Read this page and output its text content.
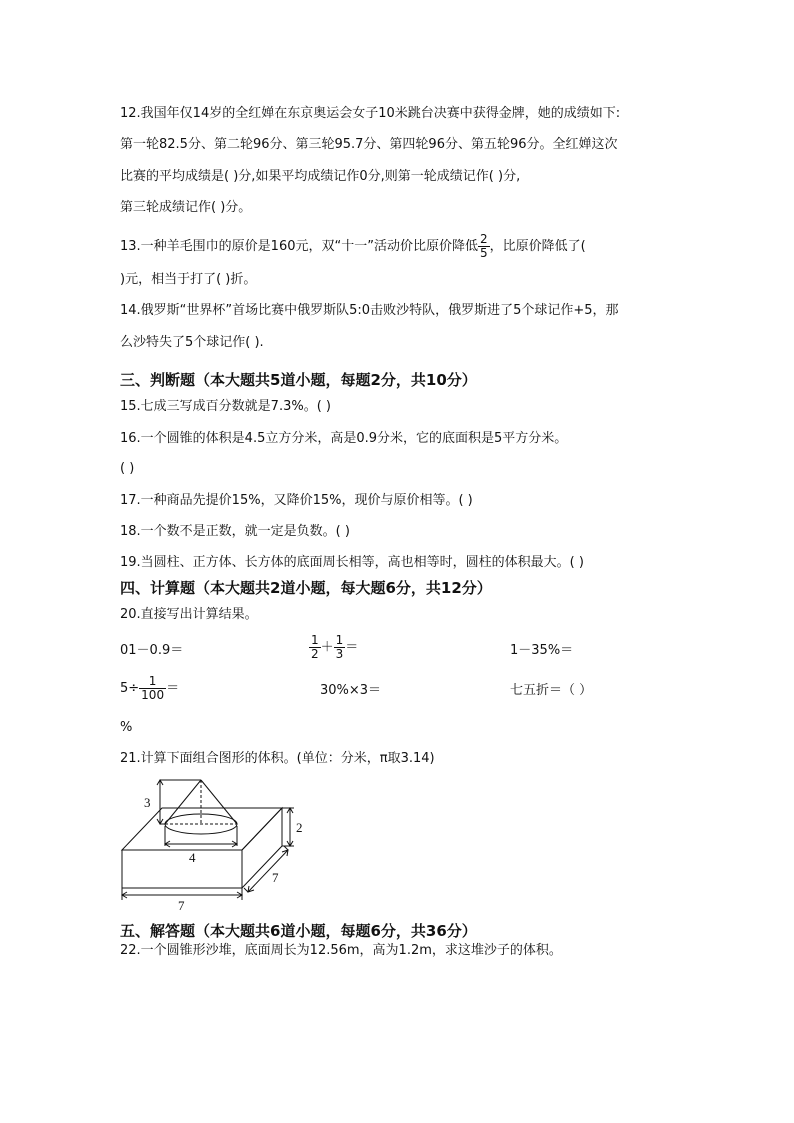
12.我国年仅14岁的全红婵在东京奥运会女子10米跳台决赛中获得金牌，她的成绩如下:
第一轮82.5分、第二轮96分、第三轮95.7分、第四轮96分、第五轮96分。全红婵这次
比赛的平均成绩是( )分,如果平均成绩记作0分,则第一轮成绩记作( )分,
第三轮成绩记作( )分。
13.一种羊毛围巾的原价是160元，双“十一”活动价比原价降低 $\frac{2}{5}$ ，比原价降低了(
)元，相当于打了( )折。
14.俄罗斯“世界杯”首场比赛中俄罗斯队5:0击败沙特队，俄罗斯进了5个球记作+5，那
么沙特失了5个球记作( ).
三、判断题（本大题共5道小题，每题2分，共10分）
15.七成三写成百分数就是7.3%。( )
16.一个圆锥的体积是4.5立方分米，高是0.9分米，它的底面积是5平方分米。
( )
17.一种商品先提价15%，又降价15%，现价与原价相等。( )
18.一个数不是正数，就一定是负数。( )
19.当圆柱、正方体、长方体的底面周长相等，高也相等时，圆柱的体积最大。( )
四、计算题（本大题共2道小题，每大题6分，共12分）
20.直接写出计算结果。
01－0.9＝	$\frac{1}{2} + \frac{1}{3}$ ＝	1－35%＝
$5\div \frac{1}{100}$ ＝	30%×3＝	七五折＝（ ）
%
21.计算下面组合图形的体积。(单位：分米，π取3.14)
3
4
2
7
7
五、解答题（本大题共6道小题，每题6分，共36分）
22.一个圆锥形沙堆，底面周长为12.56m，高为1.2m，求这堆沙子的体积。
